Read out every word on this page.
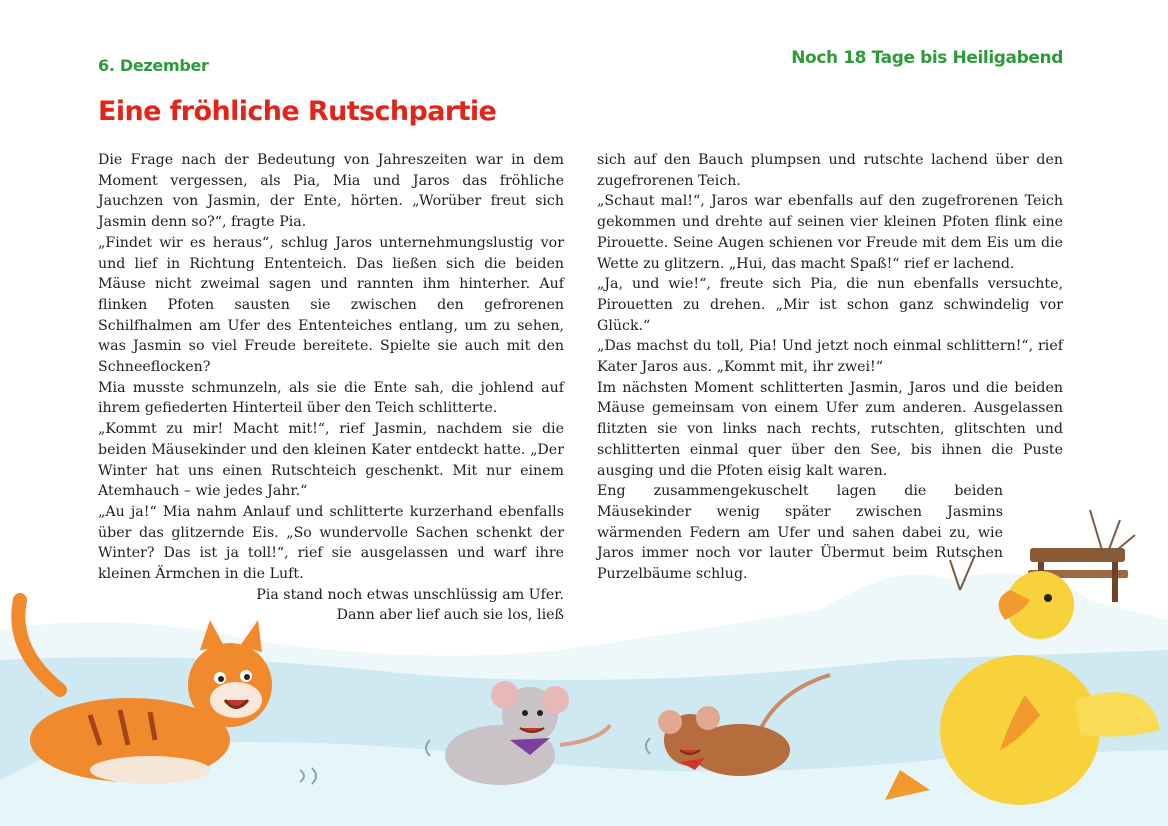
6. Dezember	Noch 18 Tage bis Heiligabend
Eine fröhliche Rutschpartie

Die Frage nach der Bedeutung von Jahreszeiten war in dem Moment vergessen, als Pia, Mia und Jaros das fröhliche Jauchzen von Jasmin, der Ente, hörten. „Worüber freut sich Jasmin denn so?“, fragte Pia.

„Findet wir es heraus“, schlug Jaros unternehmungslustig vor und lief in Richtung Ententeich. Das ließen sich die beiden Mäuse nicht zweimal sagen und rannten ihm hinterher. Auf flinken Pfoten sausten sie zwischen den gefrorenen Schilfhalmen am Ufer des Ententeiches entlang, um zu sehen, was Jasmin so viel Freude bereitete. Spielte sie auch mit den Schneeflocken?

Mia musste schmunzeln, als sie die Ente sah, die johlend auf ihrem gefiederten Hinterteil über den Teich schlitterte.

„Kommt zu mir! Macht mit!“, rief Jasmin, nachdem sie die beiden Mäusekinder und den kleinen Kater entdeckt hatte. „Der Winter hat uns einen Rutschteich geschenkt. Mit nur einem Atemhauch – wie jedes Jahr.“

„Au ja!“ Mia nahm Anlauf und schlitterte kurzerhand ebenfalls über das glitzernde Eis. „So wundervolle Sachen schenkt der Winter? Das ist ja toll!“, rief sie ausgelassen und warf ihre kleinen Ärmchen in die Luft.

Pia stand noch etwas unschlüssig am Ufer. Dann aber lief auch sie los, ließ

sich auf den Bauch plumpsen und rutschte lachend über den zugefrorenen Teich.

„Schaut mal!“, Jaros war ebenfalls auf den zugefrorenen Teich gekommen und drehte auf seinen vier kleinen Pfoten flink eine Pirouette. Seine Augen schienen vor Freude mit dem Eis um die Wette zu glitzern. „Hui, das macht Spaß!“ rief er lachend.

„Ja, und wie!“, freute sich Pia, die nun ebenfalls versuchte, Pirouetten zu drehen. „Mir ist schon ganz schwindelig vor Glück.“

„Das machst du toll, Pia! Und jetzt noch einmal schlittern!“, rief Kater Jaros aus. „Kommt mit, ihr zwei!“

Im nächsten Moment schlitterten Jasmin, Jaros und die beiden Mäuse gemeinsam von einem Ufer zum anderen. Ausgelassen flitzten sie von links nach rechts, rutschten, glitschten und schlitterten einmal quer über den See, bis ihnen die Puste ausging und die Pfoten eisig kalt waren.

Eng zusammengekuschelt lagen die beiden Mäusekinder wenig später zwischen Jasmins wärmenden Federn am Ufer und sahen dabei zu, wie Jaros immer noch vor lauter Übermut beim Rutschen Purzelbäume schlug.
